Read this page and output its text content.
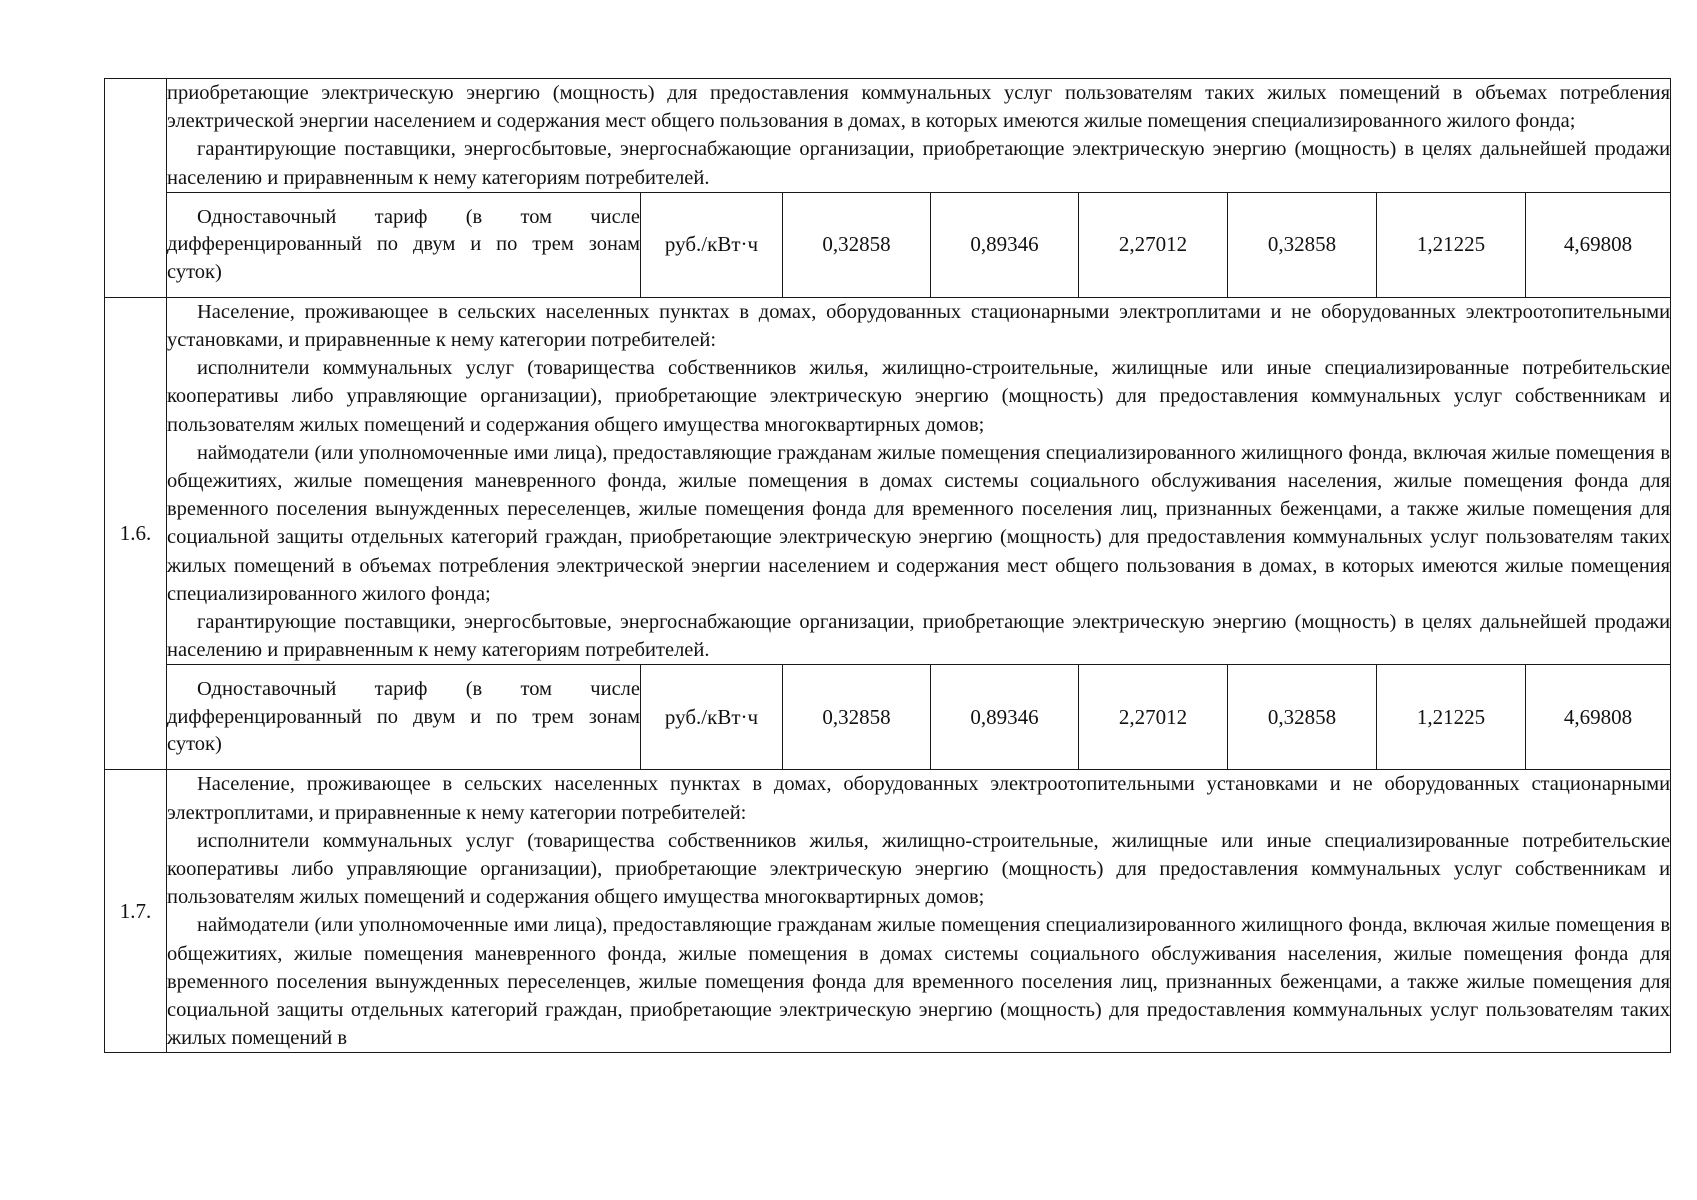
	приобретающие электрическую энергию (мощность) для предоставления коммунальных услуг пользователям таких жилых помещений в объемах потребления электрической энергии населением и содержания мест общего пользования в домах, в которых имеются жилые помещения специализированного жилого фонда;

гарантирующие поставщики, энергосбытовые, энергоснабжающие организации, приобретающие электрическую энергию (мощность) в целях дальнейшей продажи населению и приравненным к нему категориям потребителей.							

	Одноставочный тариф (в том числе дифференцированный по двум и по трем зонам суток)	руб./кВт·ч	0,32858	0,89346	2,27012	0,32858	1,21225	4,69808
1.6.	Население, проживающее в сельских населенных пунктах в домах, оборудованных стационарными электроплитами и не оборудованных электроотопительными установками, и приравненные к нему категории потребителей:

исполнители коммунальных услуг (товарищества собственников жилья, жилищно-строительные, жилищные или иные специализированные потребительские кооперативы либо управляющие организации), приобретающие электрическую энергию (мощность) для предоставления коммунальных услуг собственникам и пользователям жилых помещений и содержания общего имущества многоквартирных домов;

наймодатели (или уполномоченные ими лица), предоставляющие гражданам жилые помещения специализированного жилищного фонда, включая жилые помещения в общежитиях, жилые помещения маневренного фонда, жилые помещения в домах системы социального обслуживания населения, жилые помещения фонда для временного поселения вынужденных переселенцев, жилые помещения фонда для временного поселения лиц, признанных беженцами, а также жилые помещения для социальной защиты отдельных категорий граждан, приобретающие электрическую энергию (мощность) для предоставления коммунальных услуг пользователям таких жилых помещений в объемах потребления электрической энергии населением и содержания мест общего пользования в домах, в которых имеются жилые помещения специализированного жилого фонда;

гарантирующие поставщики, энергосбытовые, энергоснабжающие организации, приобретающие электрическую энергию (мощность) в целях дальнейшей продажи населению и приравненным к нему категориям потребителей.							

	Одноставочный тариф (в том числе дифференцированный по двум и по трем зонам суток)	руб./кВт·ч	0,32858	0,89346	2,27012	0,32858	1,21225	4,69808
1.7.	Население, проживающее в сельских населенных пунктах в домах, оборудованных электроотопительными установками и не оборудованных стационарными электроплитами, и приравненные к нему категории потребителей:

исполнители коммунальных услуг (товарищества собственников жилья, жилищно-строительные, жилищные или иные специализированные потребительские кооперативы либо управляющие организации), приобретающие электрическую энергию (мощность) для предоставления коммунальных услуг собственникам и пользователям жилых помещений и содержания общего имущества многоквартирных домов;

наймодатели (или уполномоченные ими лица), предоставляющие гражданам жилые помещения специализированного жилищного фонда, включая жилые помещения в общежитиях, жилые помещения маневренного фонда, жилые помещения в домах системы социального обслуживания населения, жилые помещения фонда для временного поселения вынужденных переселенцев, жилые помещения фонда для временного поселения лиц, признанных беженцами, а также жилые помещения для социальной защиты отдельных категорий граждан, приобретающие электрическую энергию (мощность) для предоставления коммунальных услуг пользователям таких жилых помещений в							
